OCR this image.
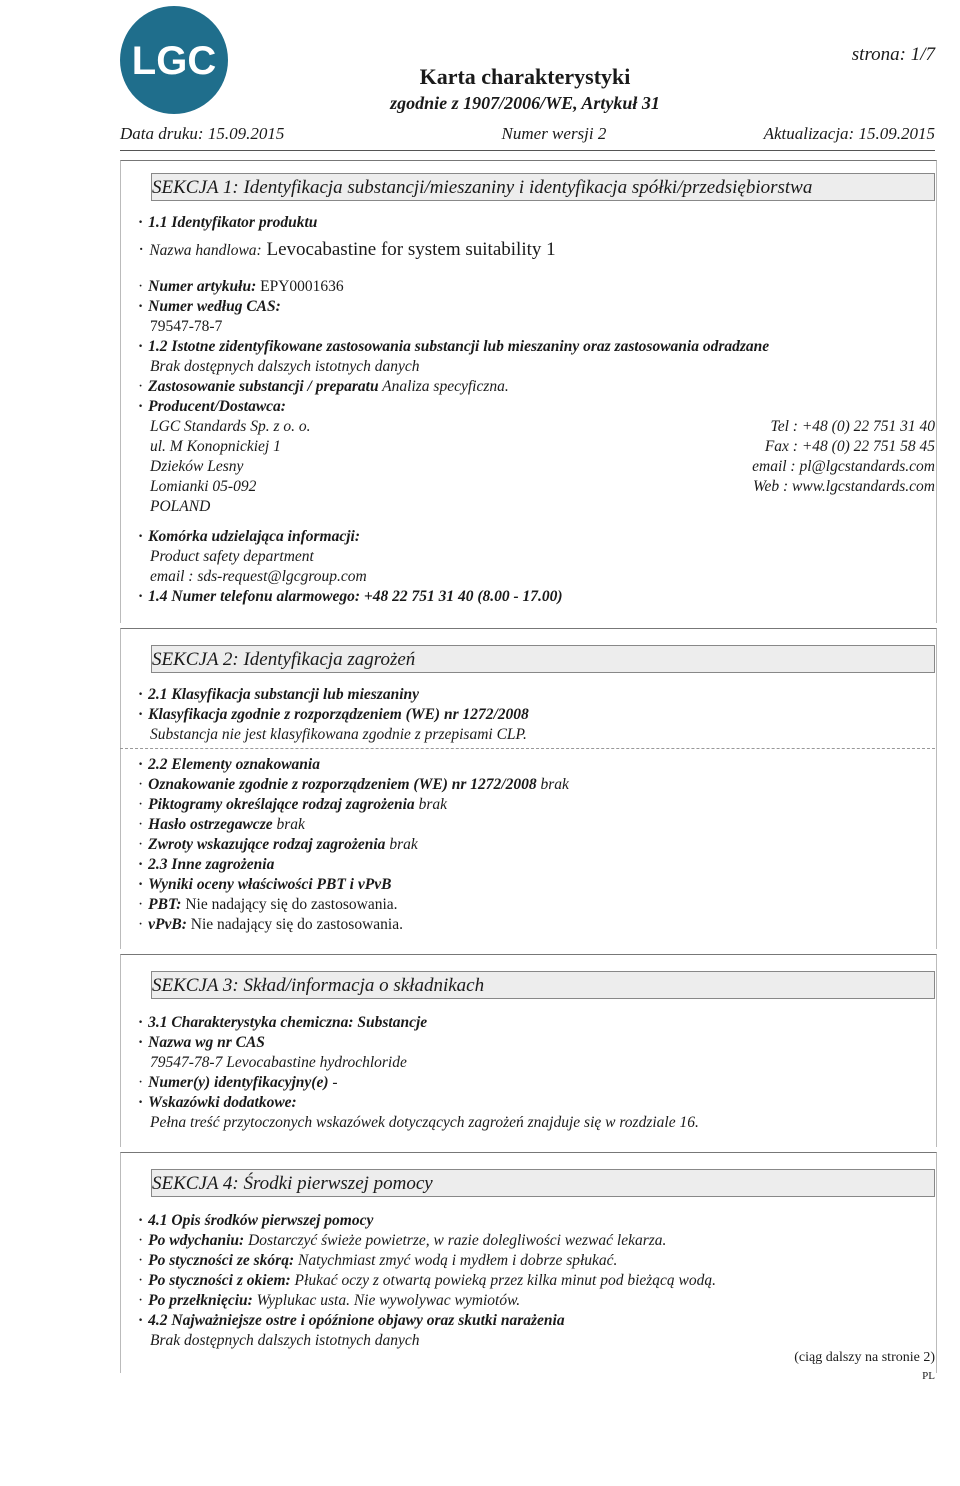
LGC	strona: 1/7
Karta charakterystyki
zgodnie z 1907/2006/WE, Artykuł 31
Data druku: 15.09.2015	Numer wersji 2	Aktualizacja: 15.09.2015
SEKCJA 1: Identyfikacja substancji/mieszaniny i identyfikacja spółki/przedsiębiorstwa
· 1.1 Identyfikator produktu
· Nazwa handlowa: Levocabastine for system suitability 1
· Numer artykułu: EPY0001636
· Numer według CAS:
79547-78-7
· 1.2 Istotne zidentyfikowane zastosowania substancji lub mieszaniny oraz zastosowania odradzane
Brak dostępnych dalszych istotnych danych
· Zastosowanie substancji / preparatu Analiza specyficzna.
· Producent/Dostawca:
LGC Standards Sp. z o. o.
ul. M Konopnickiej 1
Dzieków Lesny
Lomianki 05-092
POLAND
Tel : +48 (0) 22 751 31 40
Fax : +48 (0) 22 751 58 45
email : pl@lgcstandards.com
Web : www.lgcstandards.com
· Komórka udzielająca informacji:
Product safety department
email : sds-request@lgcgroup.com
· 1.4 Numer telefonu alarmowego: +48 22 751 31 40 (8.00 - 17.00)
SEKCJA 2: Identyfikacja zagrożeń
· 2.1 Klasyfikacja substancji lub mieszaniny
· Klasyfikacja zgodnie z rozporządzeniem (WE) nr 1272/2008
Substancja nie jest klasyfikowana zgodnie z przepisami CLP.
· 2.2 Elementy oznakowania
· Oznakowanie zgodnie z rozporządzeniem (WE) nr 1272/2008 brak
· Piktogramy określające rodzaj zagrożenia brak
· Hasło ostrzegawcze brak
· Zwroty wskazujące rodzaj zagrożenia brak
· 2.3 Inne zagrożenia
· Wyniki oceny właściwości PBT i vPvB
· PBT: Nie nadający się do zastosowania.
· vPvB: Nie nadający się do zastosowania.
SEKCJA 3: Skład/informacja o składnikach
· 3.1 Charakterystyka chemiczna: Substancje
· Nazwa wg nr CAS
79547-78-7 Levocabastine hydrochloride
· Numer(y) identyfikacyjny(e) -
· Wskazówki dodatkowe:
Pełna treść przytoczonych wskazówek dotyczących zagrożeń znajduje się w rozdziale 16.
SEKCJA 4: Środki pierwszej pomocy
· 4.1 Opis środków pierwszej pomocy
· Po wdychaniu: Dostarczyć świeże powietrze, w razie dolegliwości wezwać lekarza.
· Po styczności ze skórą: Natychmiast zmyć wodą i mydłem i dobrze spłukać.
· Po styczności z okiem: Płukać oczy z otwartą powieką przez kilka minut pod bieżącą wodą.
· Po przełknięciu: Wyplukac usta. Nie wywolywac wymiotów.
· 4.2 Najważniejsze ostre i opóźnione objawy oraz skutki narażenia
Brak dostępnych dalszych istotnych danych
(ciąg dalszy na stronie 2)
PL
